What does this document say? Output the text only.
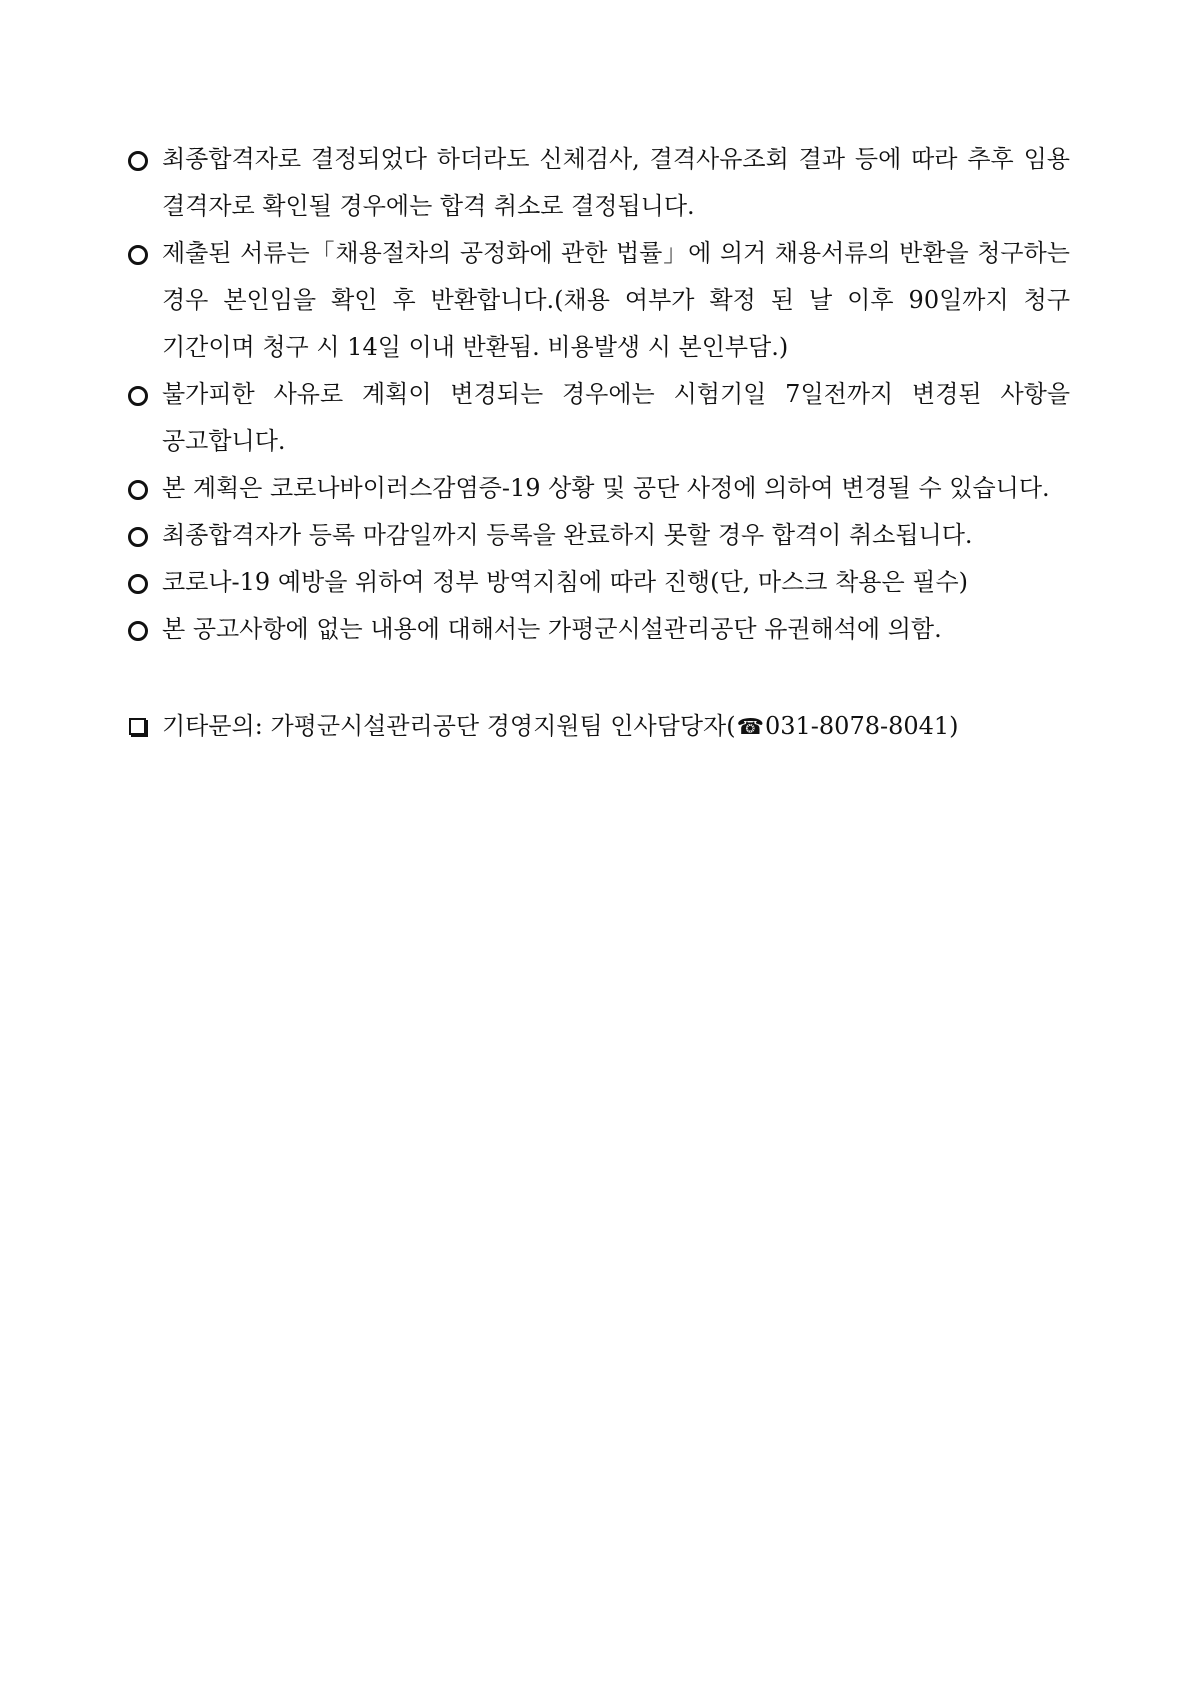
최종합격자로 결정되었다 하더라도 신체검사, 결격사유조회 결과 등에 따라 추후 임용 결격자로 확인될 경우에는 합격 취소로 결정됩니다.
제출된 서류는「채용절차의 공정화에 관한 법률」에 의거 채용서류의 반환을 청구하는 경우 본인임을 확인 후 반환합니다.(채용 여부가 확정 된 날 이후 90일까지 청구 기간이며 청구 시 14일 이내 반환됨. 비용발생 시 본인부담.)
불가피한 사유로 계획이 변경되는 경우에는 시험기일 7일전까지 변경된 사항을 공고합니다.
본 계획은 코로나바이러스감염증-19 상황 및 공단 사정에 의하여 변경될 수 있습니다.
최종합격자가 등록 마감일까지 등록을 완료하지 못할 경우 합격이 취소됩니다.
코로나-19 예방을 위하여 정부 방역지침에 따라 진행(단, 마스크 착용은 필수)
본 공고사항에 없는 내용에 대해서는 가평군시설관리공단 유권해석에 의함.
기타문의: 가평군시설관리공단 경영지원팀 인사담당자(☎031-8078-8041)
